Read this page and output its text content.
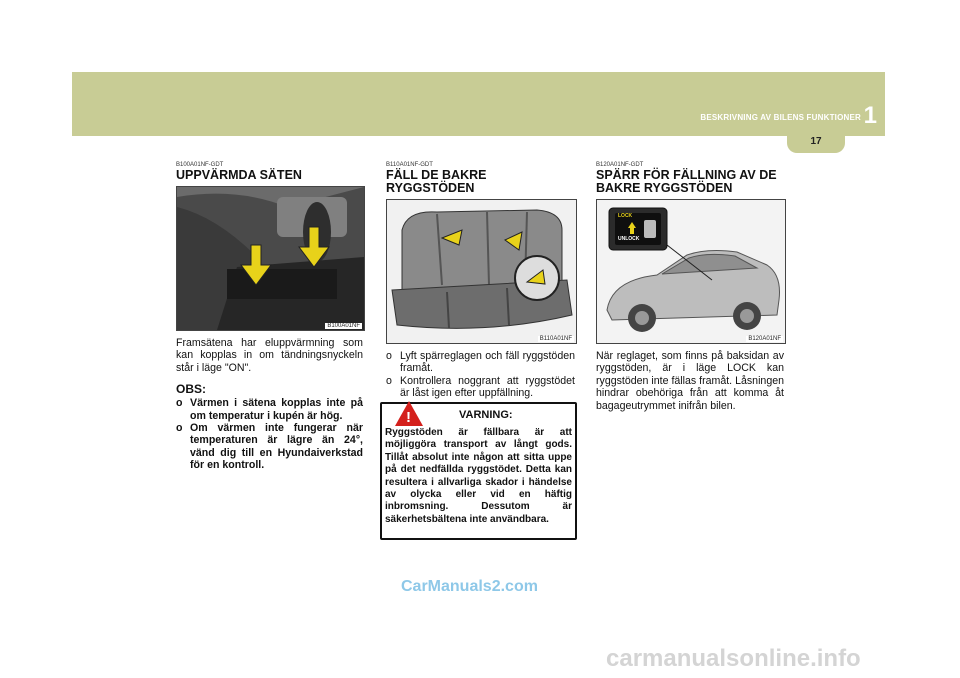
BESKRIVNING AV BILENS FUNKTIONER 1
17
B100A01NF-GDT
UPPVÄRMDA SÄTEN
B100A01NF

Framsätena har eluppvärmning som kan kopplas in om tändningsnyckeln står i läge "ON".

OBS:
o Värmen i sätena kopplas inte på om temperatur i kupén är hög.
o Om värmen inte fungerar när temperaturen är lägre än 24°, vänd dig till en Hyundaiverkstad för en kontroll.
B110A01NF-GDT
FÄLL DE BAKRE RYGGSTÖDEN
B110A01NF
o Lyft spärreglagen och fäll ryggstöden framåt.
o Kontrollera noggrant att ryggstödet är låst igen efter uppfällning.
!	VARNING:
Ryggstöden är fällbara är att möjliggöra transport av långt gods. Tillåt absolut inte någon att sitta uppe på det nedfällda ryggstödet. Detta kan resultera i allvarliga skador i händelse av olycka eller vid en häftig inbromsning. Dessutom är säkerhetsbältena inte användbara.
B120A01NF-GDT
SPÄRR FÖR FÄLLNING AV DE BAKRE RYGGSTÖDEN
LOCK
UNLOCK
B120A01NF

När reglaget, som finns på baksidan av ryggstöden, är i läge LOCK kan ryggstöden inte fällas framåt. Låsningen hindrar obehöriga från att komma åt bagageutrymmet inifrån bilen.

CarManuals2.com
carmanualsonline.info
